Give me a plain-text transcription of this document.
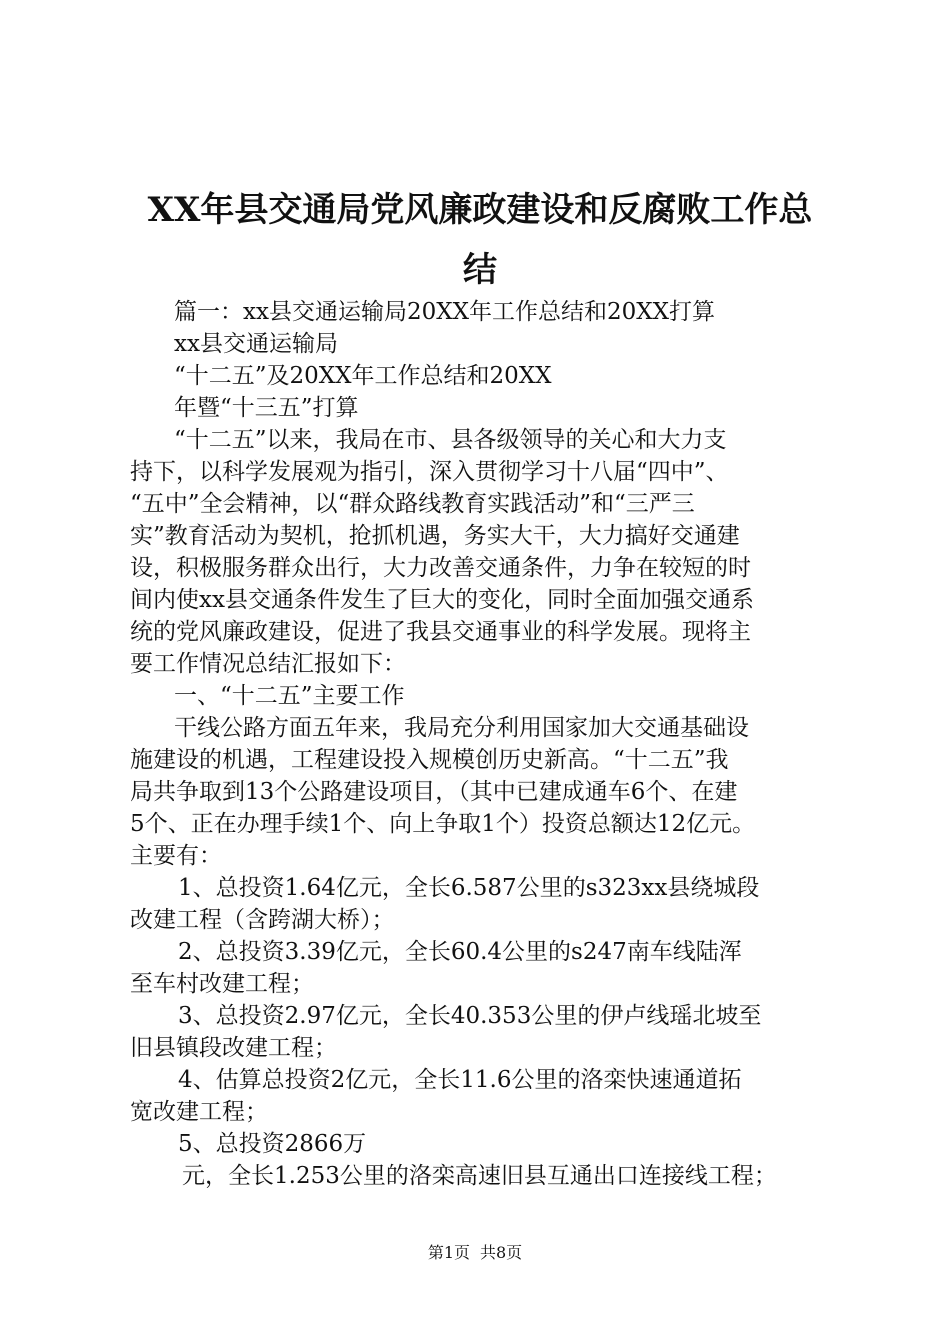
XX年县交通局党风廉政建设和反腐败工作总
结
篇一：xx县交通运输局20XX年工作总结和20XX打算
xx县交通运输局
“十二五”及20XX年工作总结和20XX
年暨“十三五”打算
“十二五”以来，我局在市、县各级领导的关心和大力支
持下，以科学发展观为指引，深入贯彻学习十八届“四中”、
“五中”全会精神，以“群众路线教育实践活动”和“三严三
实”教育活动为契机，抢抓机遇，务实大干，大力搞好交通建
设，积极服务群众出行，大力改善交通条件，力争在较短的时
间内使xx县交通条件发生了巨大的变化，同时全面加强交通系
统的党风廉政建设，促进了我县交通事业的科学发展。现将主
要工作情况总结汇报如下：
一、“十二五”主要工作
干线公路方面五年来，我局充分利用国家加大交通基础设
施建设的机遇，工程建设投入规模创历史新高。“十二五”我
局共争取到13个公路建设项目，（其中已建成通车6个、在建
5个、正在办理手续1个、向上争取1个）投资总额达12亿元。
主要有：
1、总投资1.64亿元，全长6.587公里的s323xx县绕城段
改建工程（含跨湖大桥）；
2、总投资3.39亿元，全长60.4公里的s247南车线陆浑
至车村改建工程；
3、总投资2.97亿元，全长40.353公里的伊卢线瑶北坡至
旧县镇段改建工程；
4、估算总投资2亿元，全长11.6公里的洛栾快速通道拓
宽改建工程；
5、总投资2866万
元，全长1.253公里的洛栾高速旧县互通出口连接线工程；
第1页 共8页
